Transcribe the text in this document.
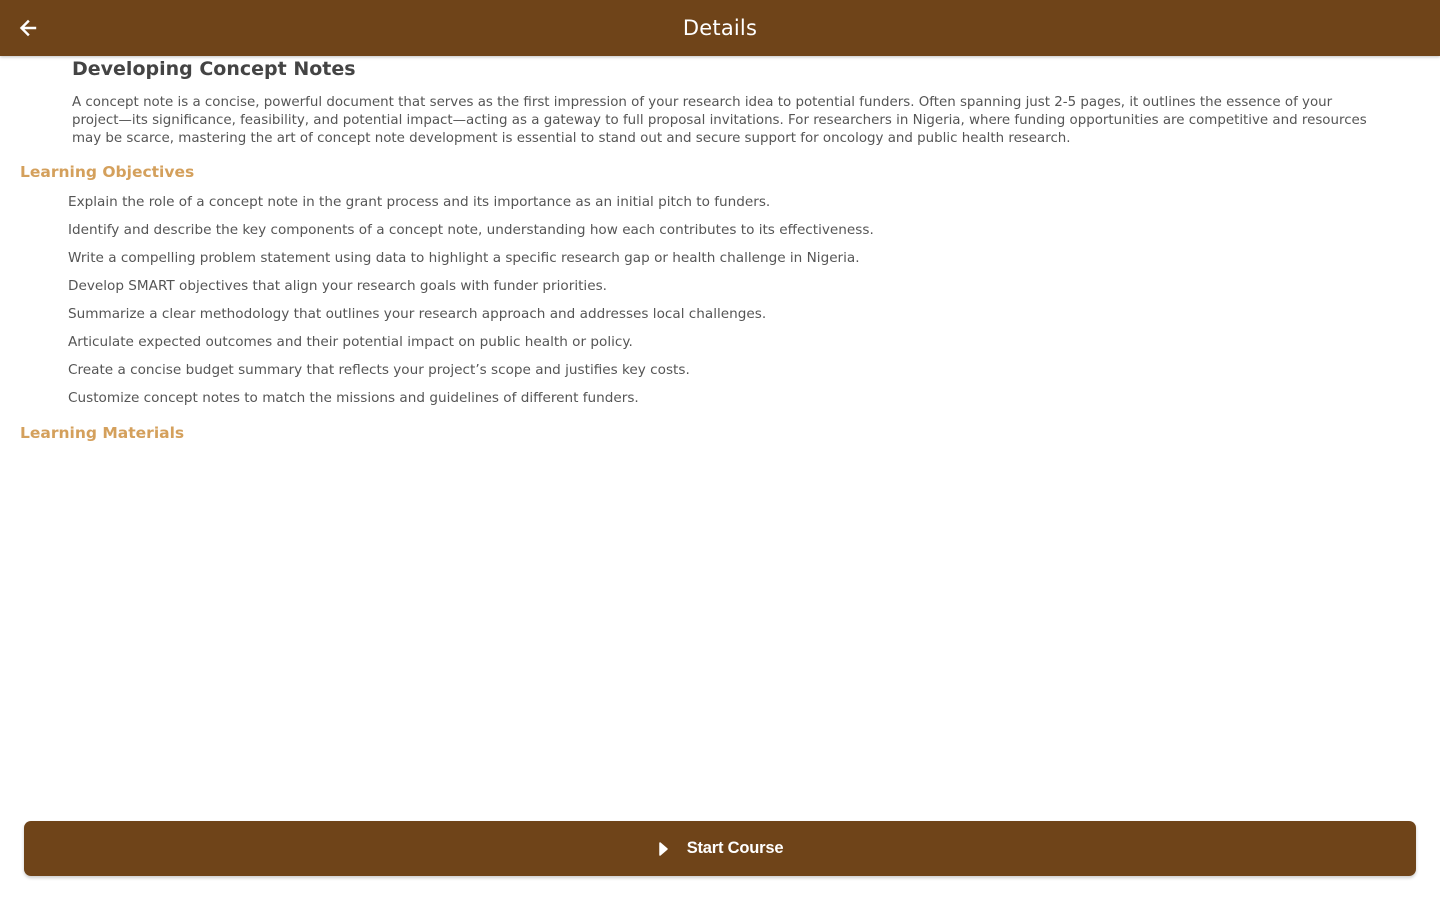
Details
Developing Concept Notes

A concept note is a concise, powerful document that serves as the first impression of your research idea to potential funders. Often spanning just 2-5 pages, it outlines the essence of your project—its significance, feasibility, and potential impact—acting as a gateway to full proposal invitations. For researchers in Nigeria, where funding opportunities are competitive and resources may be scarce, mastering the art of concept note development is essential to stand out and secure support for oncology and public health research.

Learning Objectives
Explain the role of a concept note in the grant process and its importance as an initial pitch to funders.
Identify and describe the key components of a concept note, understanding how each contributes to its effectiveness.
Write a compelling problem statement using data to highlight a specific research gap or health challenge in Nigeria.
Develop SMART objectives that align your research goals with funder priorities.
Summarize a clear methodology that outlines your research approach and addresses local challenges.
Articulate expected outcomes and their potential impact on public health or policy.
Create a concise budget summary that reflects your project’s scope and justifies key costs.
Customize concept notes to match the missions and guidelines of different funders.
Learning Materials
Start Course
